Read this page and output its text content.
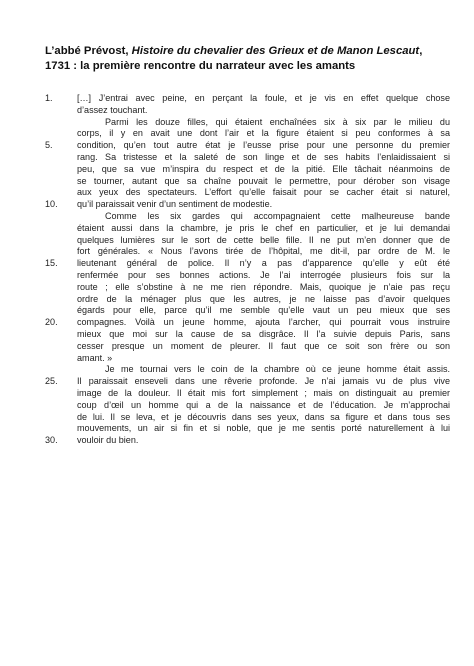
L’abbé Prévost, Histoire du chevalier des Grieux et de Manon Lescaut, 1731 : la première rencontre du narrateur avec les amants
1.	[…] J’entrai avec peine, en perçant la foule, et je vis en effet quelque chose
d’assez touchant.
Parmi les douze filles, qui étaient enchaînées six à six par le milieu du
corps, il y en avait une dont l’air et la figure étaient si peu conformes à sa
5.	condition, qu’en tout autre état je l’eusse prise pour une personne du premier
rang. Sa tristesse et la saleté de son linge et de ses habits l’enlaidissaient si
peu, que sa vue m’inspira du respect et de la pitié. Elle tâchait néanmoins de
se tourner, autant que sa chaîne pouvait le permettre, pour dérober son visage
aux yeux des spectateurs. L’effort qu’elle faisait pour se cacher était si naturel,
10.	qu’il paraissait venir d’un sentiment de modestie.
Comme les six gardes qui accompagnaient cette malheureuse bande
étaient aussi dans la chambre, je pris le chef en particulier, et je lui demandai
quelques lumières sur le sort de cette belle fille. Il ne put m’en donner que de
fort générales. « Nous l’avons tirée de l’hôpital, me dit-il, par ordre de M. le
15.	lieutenant général de police. Il n’y a pas d’apparence qu’elle y eût été
renfermée pour ses bonnes actions. Je l’ai interrogée plusieurs fois sur la
route ; elle s’obstine à ne me rien répondre. Mais, quoique je n’aie pas reçu
ordre de la ménager plus que les autres, je ne laisse pas d’avoir quelques
égards pour elle, parce qu’il me semble qu’elle vaut un peu mieux que ses
20.	compagnes. Voilà un jeune homme, ajouta l’archer, qui pourrait vous instruire
mieux que moi sur la cause de sa disgrâce. Il l’a suivie depuis Paris, sans
cesser presque un moment de pleurer. Il faut que ce soit son frère ou son
amant. »
Je me tournai vers le coin de la chambre où ce jeune homme était assis.
25.	Il paraissait enseveli dans une rêverie profonde. Je n’ai jamais vu de plus vive
image de la douleur. Il était mis fort simplement ; mais on distinguait au premier
coup d’œil un homme qui a de la naissance et de l’éducation. Je m’approchai
de lui. Il se leva, et je découvris dans ses yeux, dans sa figure et dans tous ses
mouvements, un air si fin et si noble, que je me sentis porté naturellement à lui
30.	vouloir du bien.
